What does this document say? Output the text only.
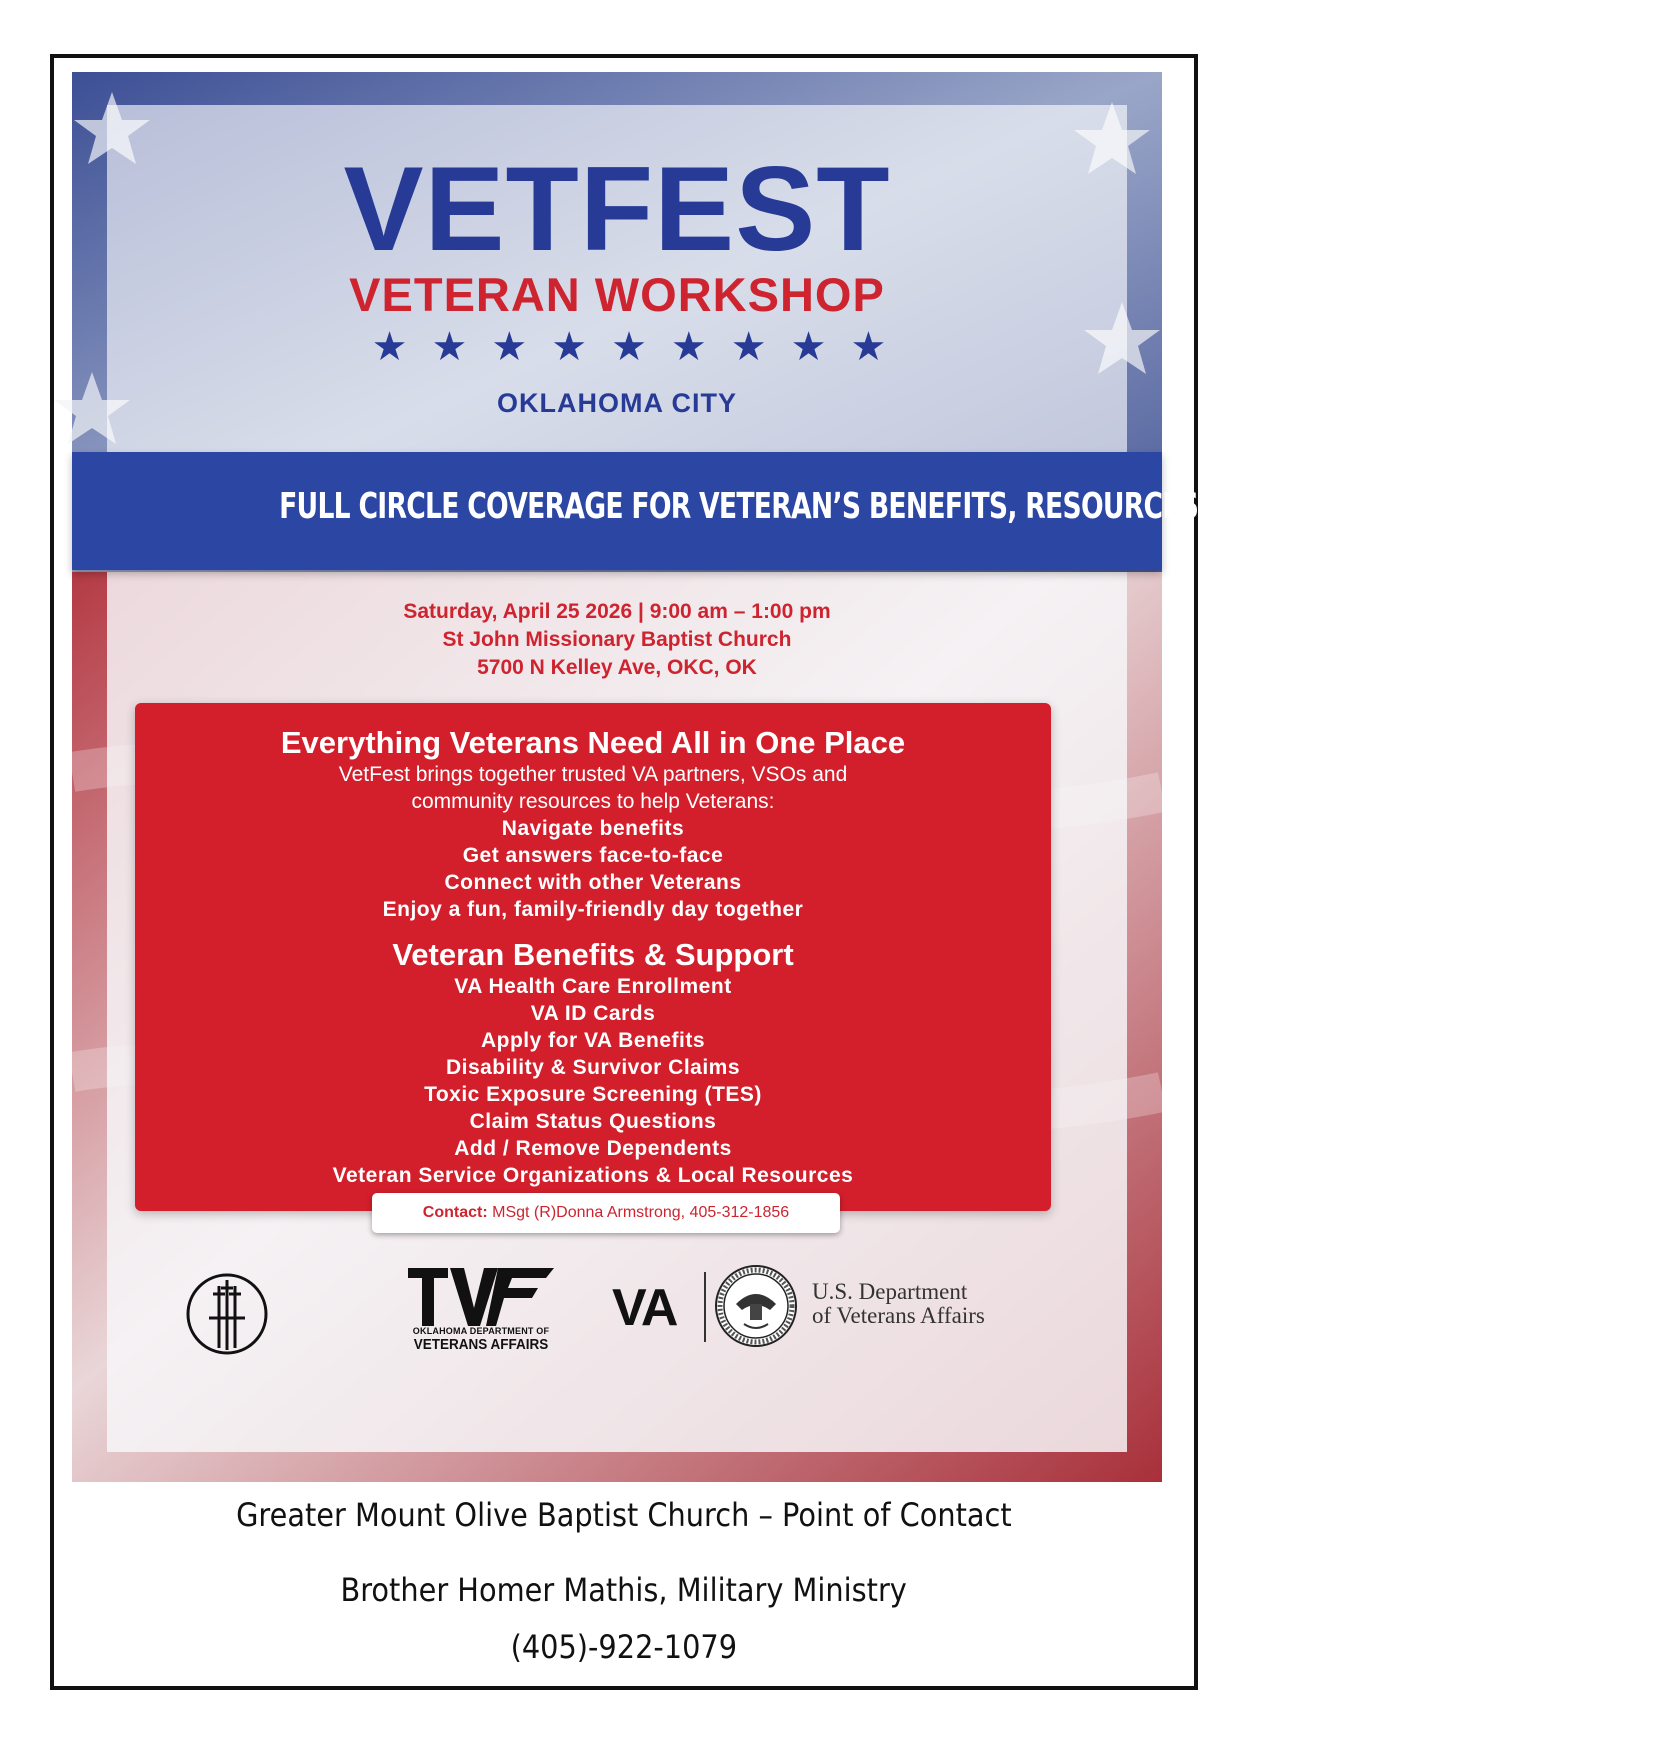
VETFEST
VETERAN WORKSHOP
★★★★★★★★★
OKLAHOMA CITY
FULL CIRCLE COVERAGE FOR VETERAN’S BENEFITS, RESOURCES AND COMMUNITY
Saturday, April 25 2026 | 9:00 am – 1:00 pm
St John Missionary Baptist Church
5700 N Kelley Ave, OKC, OK
Everything Veterans Need All in One Place
VetFest brings together trusted VA partners, VSOs and
community resources to help Veterans:
Navigate benefits
Get answers face-to-face
Connect with other Veterans
Enjoy a fun, family-friendly day together
Veteran Benefits & Support
VA Health Care Enrollment
VA ID Cards
Apply for VA Benefits
Disability & Survivor Claims
Toxic Exposure Screening (TES)
Claim Status Questions
Add / Remove Dependents
Veteran Service Organizations & Local Resources
Contact: MSgt (R)Donna Armstrong, 405-312-1856
OKLAHOMA DEPARTMENT OF
VETERANS AFFAIRS
VA	U.S. Department
of Veterans Affairs
Greater Mount Olive Baptist Church – Point of Contact
Brother Homer Mathis, Military Ministry
(405)-922-1079
